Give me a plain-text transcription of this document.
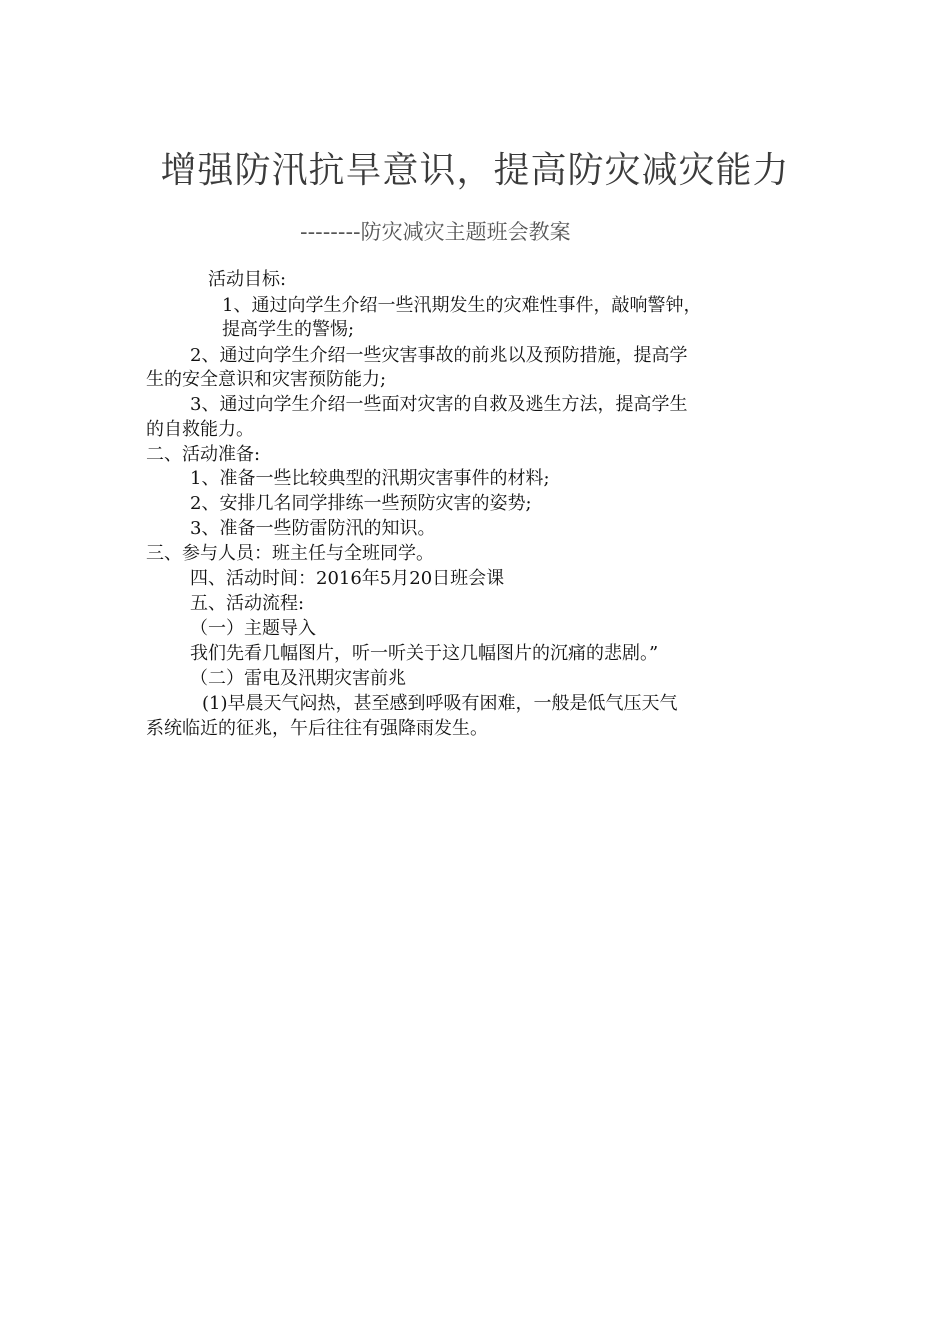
增强防汛抗旱意识，提高防灾减灾能力
--------防灾减灾主题班会教案
活动目标:
1、通过向学生介绍一些汛期发生的灾难性事件，敲响警钟，
提高学生的警惕;
2、通过向学生介绍一些灾害事故的前兆以及预防措施，提高学
生的安全意识和灾害预防能力;
3、通过向学生介绍一些面对灾害的自救及逃生方法，提高学生
的自救能力。
二、活动准备:
1、准备一些比较典型的汛期灾害事件的材料;
2、安排几名同学排练一些预防灾害的姿势;
3、准备一些防雷防汛的知识。
三、参与人员：班主任与全班同学。
四、活动时间：2016年5月20日班会课
五、活动流程:
（一）主题导入
我们先看几幅图片，听一听关于这几幅图片的沉痛的悲剧。”
（二）雷电及汛期灾害前兆
(1)早晨天气闷热，甚至感到呼吸有困难，一般是低气压天气
系统临近的征兆，午后往往有强降雨发生。
